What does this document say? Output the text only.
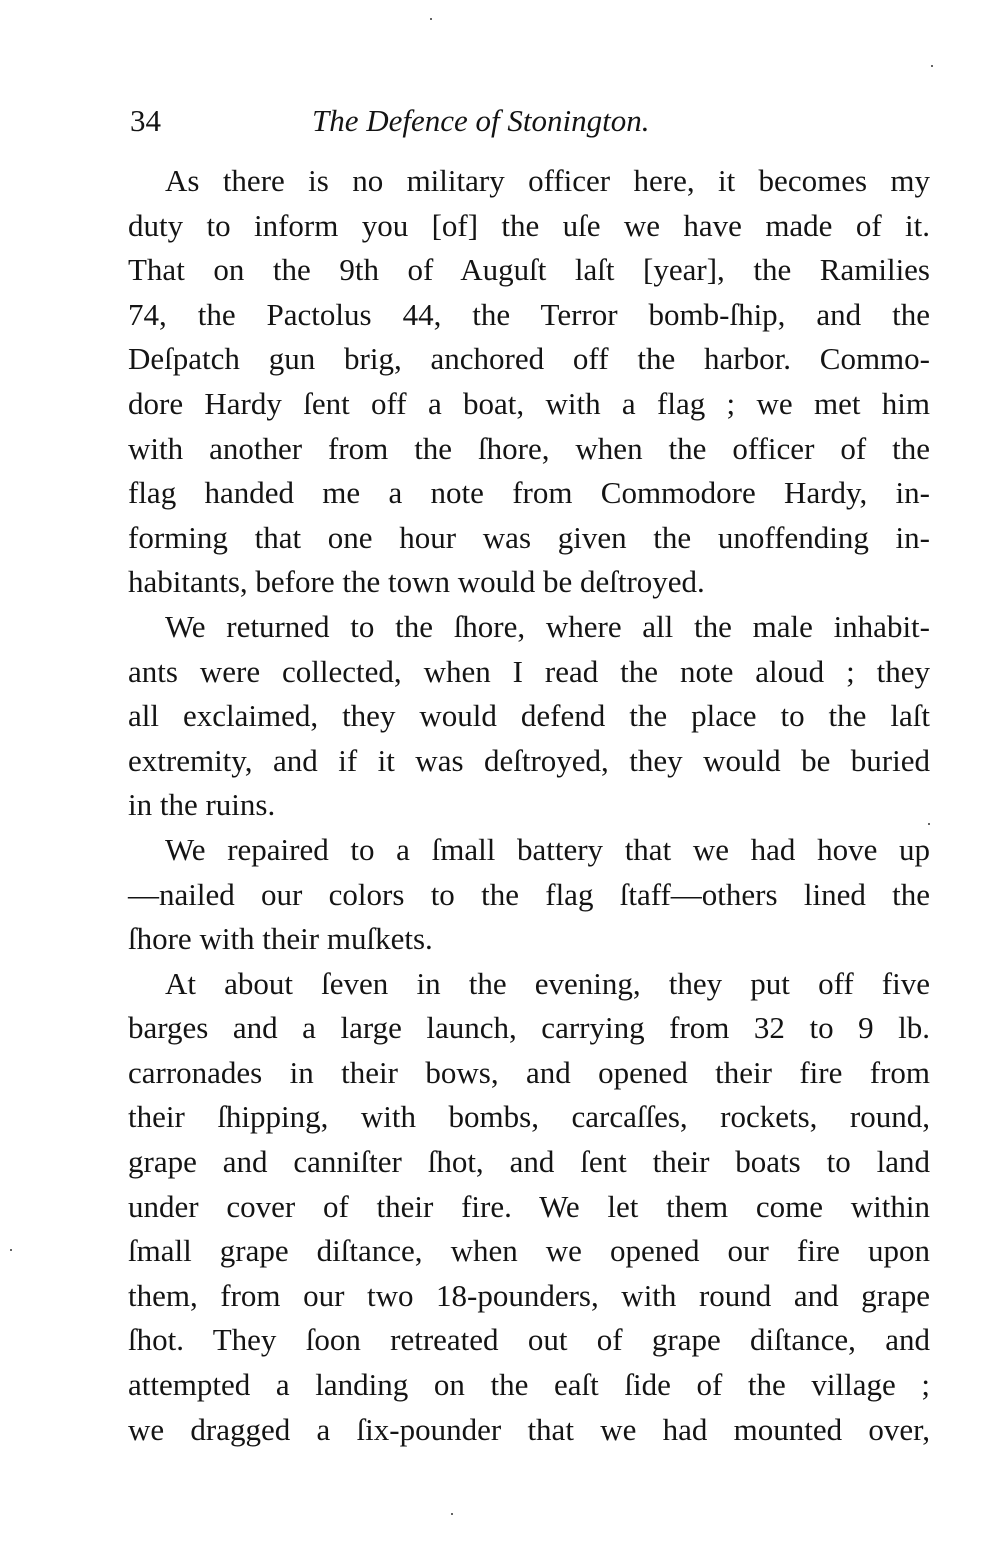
34	The Defence of Stonington.
As there is no military officer here, it becomes my
duty to inform you [of] the uſe we have made of it.
That on the 9th of Auguſt laſt [year], the Ramilies
74, the Pactolus 44, the Terror bomb-ſhip, and the
Deſpatch gun brig, anchored off the harbor. Commo-
dore Hardy ſent off a boat, with a flag ; we met him
with another from the ſhore, when the officer of the
flag handed me a note from Commodore Hardy, in-
forming that one hour was given the unoffending in-
habitants, before the town would be deſtroyed.
We returned to the ſhore, where all the male inhabit-
ants were collected, when I read the note aloud ; they
all exclaimed, they would defend the place to the laſt
extremity, and if it was deſtroyed, they would be buried
in the ruins.
We repaired to a ſmall battery that we had hove up
—nailed our colors to the flag ſtaff—others lined the
ſhore with their muſkets.
At about ſeven in the evening, they put off five
barges and a large launch, carrying from 32 to 9 lb.
carronades in their bows, and opened their fire from
their ſhipping, with bombs, carcaſſes, rockets, round,
grape and canniſter ſhot, and ſent their boats to land
under cover of their fire. We let them come within
ſmall grape diſtance, when we opened our fire upon
them, from our two 18-pounders, with round and grape
ſhot. They ſoon retreated out of grape diſtance, and
attempted a landing on the eaſt ſide of the village ;
we dragged a ſix-pounder that we had mounted over,
